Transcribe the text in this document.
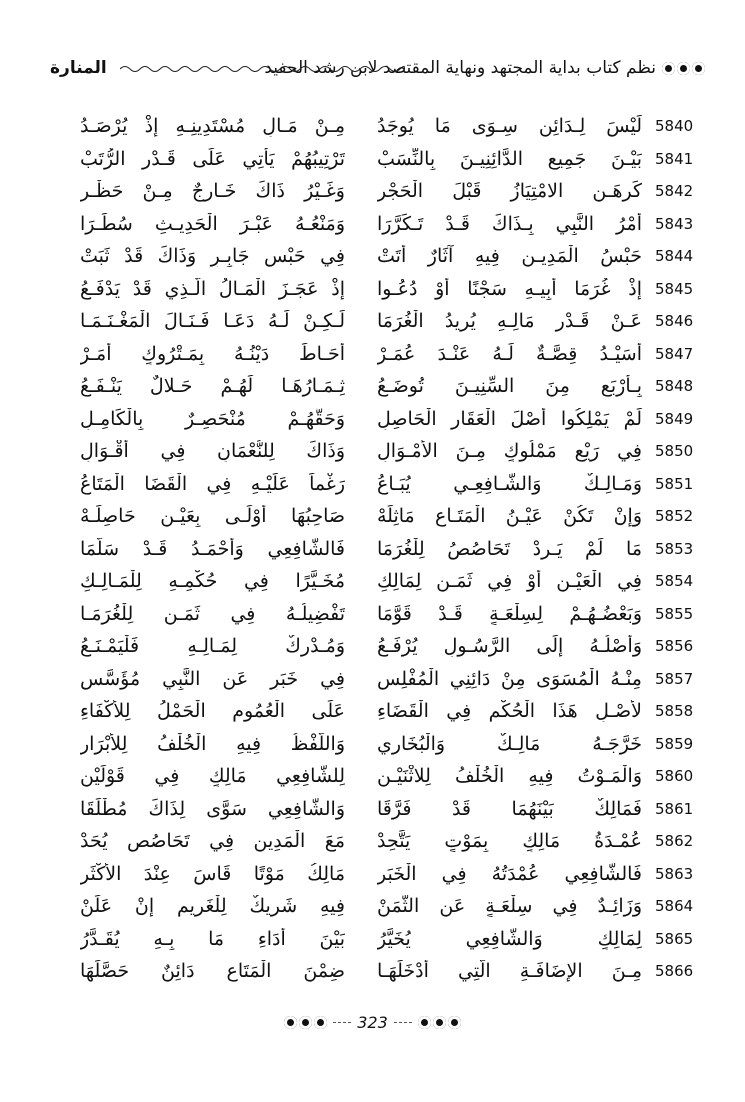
نظم كتاب بداية المجتهد ونهاية المقتصد لابن رشد الحفيد
المنارة
5840
لَيْسَ لِـدَائِنٍ سِـوَى مَا يُوجَدُ
مِـنْ مَـالِ مُسْتَدِينِـهِ إِذْ يُرْصَـدُ
5841
بَيْـنَ جَمِيعِ الدَّائِنِيـنَ بِالنِّسَبْ
تَرْتِيبُهُمْ يَأتِي عَلَى قَـدْرِ الرُّتَبْ
5842
كَرِهَـنِ الامْتِيَازُ قَبْلَ الْحَجْرِ
وَغَـيْرُ ذَاكَ خَـارِجٌ مِـنْ حَظْـرِ
5843
أَمْرُ النَّبِي بِـذَاكَ قَـدْ تَـكَرَّرَا
وَمَنْعُـهُ عَبْـرَ الْحَدِيـثِ سُطِّـرَا
5844
حَبْسُ الْمَدِيـنِ فِيهِ آثَارٌ أَتَتْ
فِي حَبْسِ جَابِـرٍ وَذَاكَ قَدْ ثَبَتْ
5845
إِذْ غُرَمَا أَبِيـهِ سَجْنًا أَوْ دُعُـوا
إِذْ عَجَـزَ الْمَـالُ الَّـذِي قَدْ يَدْفَـعُ
5846
عَـنْ قَـدْرِ مَالِـهِ يُرِيدُ الْغُرَمَا
لَـكِـنْ لَـهُ دَعَـا فَـنَـالَ الْمَغْـنَـمَـا
5847
أُسَيْـدُ قِصَّـةٌ لَـهُ عَنْـدَ عُمَـرْ
أَحَـاطَ دَيْنُـهُ بِمَـتْرُوكٍ أَمَـرْ
5848
بِـأَرْبَعٍ مِنَ السِّنِيـنَ تُوضَـعُ
ثِـمَـارُهَـا لَهُـمْ حَـلالٌ يَنْـفَـعُ
5849
لَمْ يَمْلِكُوا أَصْلَ الْعَقَارِ الْحَاصِلِ
وَحَقُّهُـمْ مُنْحَصِـرٌ بِالْكَامِـلِ
5850
فِي رَيْعِ مَمْلُوكٍ مِـنَ الأَمْـوَالِ
وَذَاكَ لِلنُّعْمَانِ فِي أَقْـوَالِ
5851
وَمَـالِـكٌ وَالشَّـافِعِـي يُبَـاعُ
رَغْماً عَلَيْـهِ فِي الْقَضَا الْمَتَاعُ
5852
وَإِنْ تَكُنْ عَيْـنُ الْمَتَـاعِ مَاثِلَهْ
صَاحِبُهَا أَوْلَـى بِعَيْـنٍ حَاصِلَـهْ
5853
مَا لَمْ يَـرِدْ تَحَاصُصُ لِلْغُرَمَا
فَالشَّافِعِي وَأَحْمَـدُ قَـدْ سَلَّمَا
5854
فِي الْعَيْـنِ أَوْ فِي ثَمَـنٍ لِمَالِكِ
مُخَـيَّرًا فِي حُكْمِـهِ لِلْمَـالِـكِ
5855
وَبَعْضُـهُـمْ لِسِلْعَـةٍ قَـدْ قَوَّمَا
تَفْضِيلُـهُ فِي ثَمَـنٍ لِلْغُرَمَـا
5856
وَأَصْلُـهُ إِلَى الرَّسُـولِ يُرْفَـعُ
وَمُـدْرِكٌ لِمَـالِـهِ فَلْيَمْـنَـعُ
5857
مِنْـهُ الْمُسَوَى مِنْ دَائِنِي الْمُفْلِسِ
فِي خَبَرٍ عَنِ النَّبِي مُؤَسَّسِ
5858
لأَصْـلِ هَذَا الْحُكْمِ فِي الْقَضَاءِ
عَلَى الْعُمُومِ الْحَمْلُ لِلأَكْفَاءِ
5859
خَرَّجَـهُ مَالِـكٌ وَالْبُخَارِي
وَاللَّفْظُ فِيهِ الْخُلْفُ لِلأَبْرَارِ
5860
وَالْمَـوْتُ فِيهِ الْخُلْفُ لِلاثْنَيْـنِ
لِلشَّافِعِي مَالِكٍ فِي قَوْلَيْنِ
5861
فَمَالِكٌ بَيْنَهُمَا قَدْ فَرَّقَا
وَالشَّافِعِي سَوَّى لِذَاكَ مُطْلَقَا
5862
عُمْـدَةُ مَالِكٍ بِمَوْتٍ يَتَّحِدْ
مَعَ الْمَدِينِ فِي تَحَاصُصٍ يُحَدْ
5863
فَالشَّافِعِي عُمْدَتُهُ فِي الْخَبَرِ
مَالِكُ مَوْتًا قَاسَ عِنْدَ الأَكْثَرِ
5864
وَزَائِـدٌ فِي سِلْعَـةٍ عَنِ الثَّمَنْ
فِيهِ شَرِيكٌ لِلْغَرِيمِ إِنْ عَلَنْ
5865
لِمَالِكٍ وَالشَّافِعِي يُخَيَّرُ
بَيْنَ أَدَاءِ مَا بِـهِ يُقَـدَّرُ
5866
مِـنَ الإِضَافَـةِ الَّتِي أَدْخَلَهَـا
ضِمْنَ الْمَتَاعِ دَائِنٌ حَصَّلَهَا
323
